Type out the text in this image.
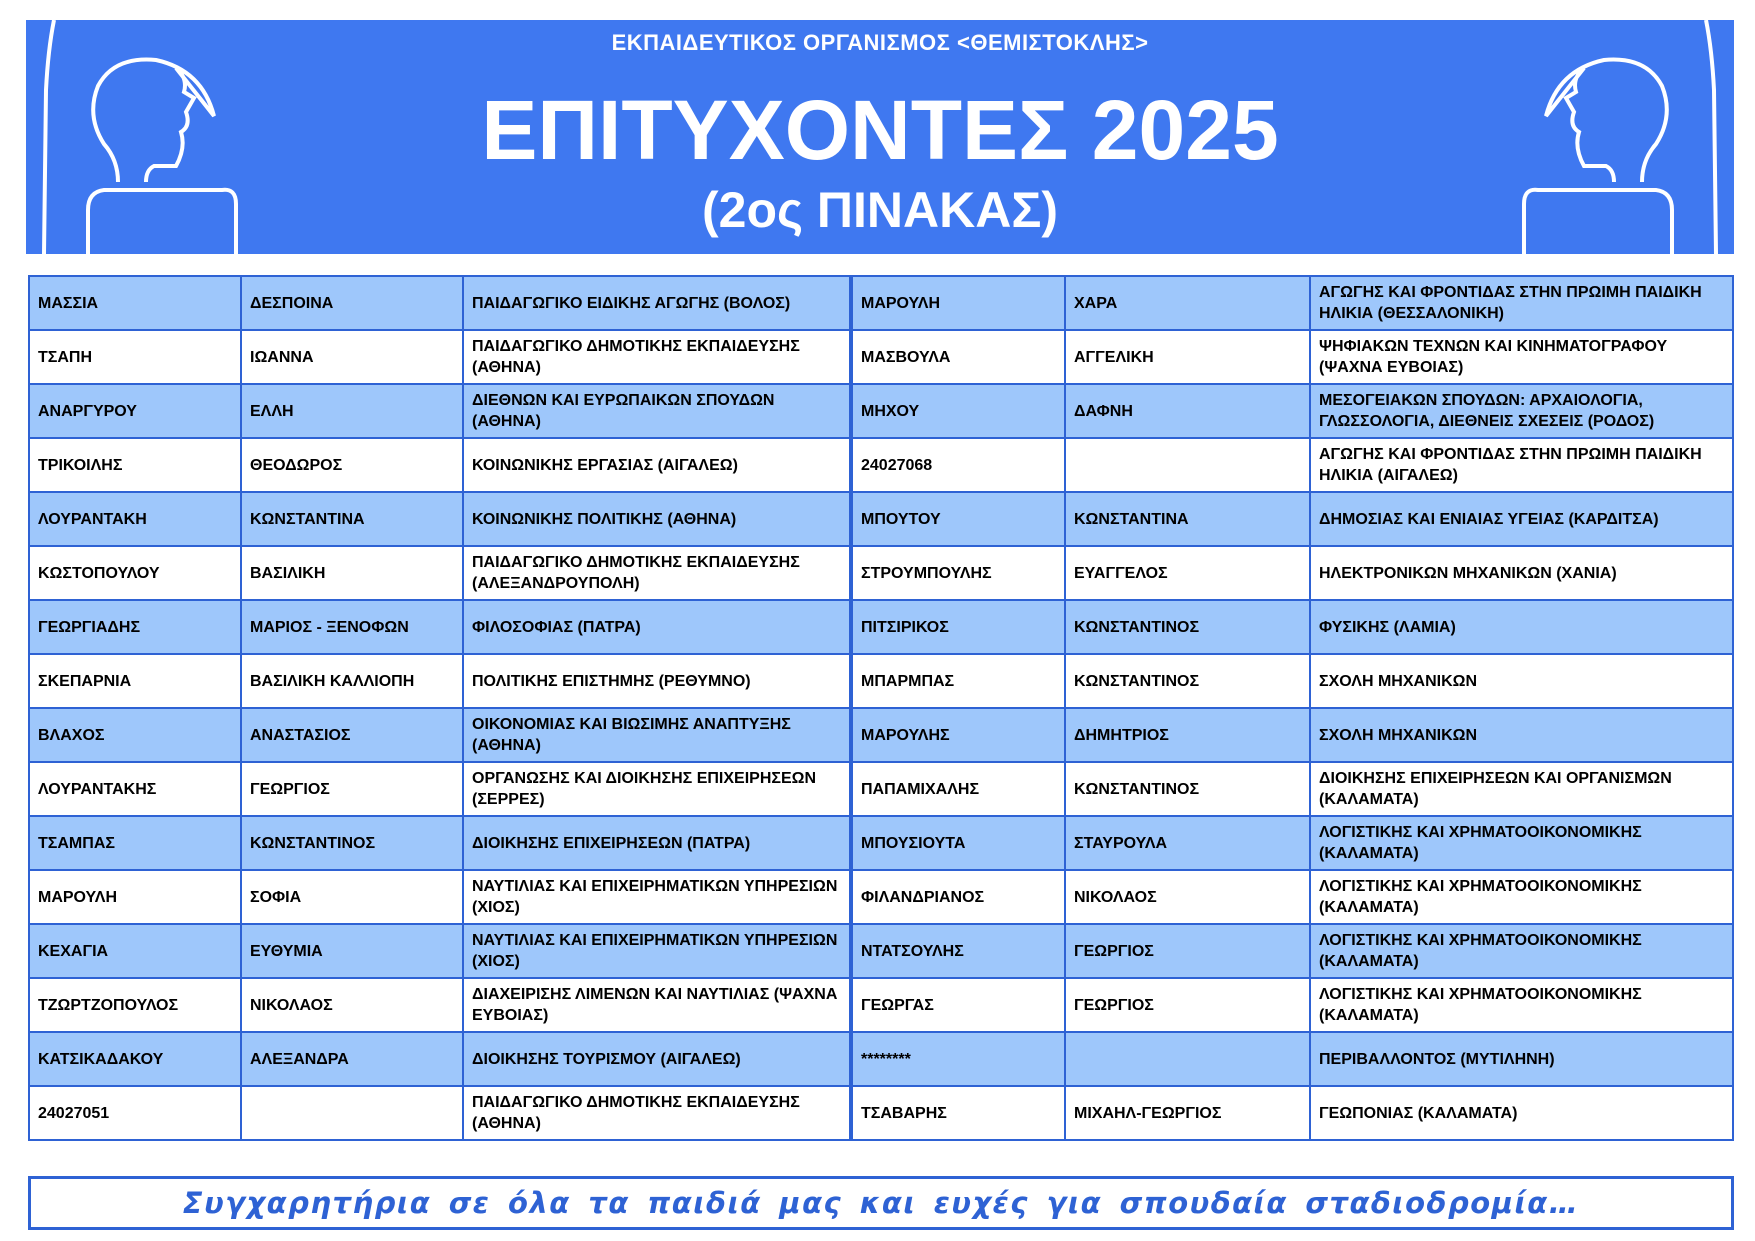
ΕΚΠΑΙΔΕΥΤΙΚΟΣ ΟΡΓΑΝΙΣΜΟΣ <ΘΕΜΙΣΤΟΚΛΗΣ>
ΕΠΙΤΥΧΟΝΤΕΣ 2025
(2ος ΠΙΝΑΚΑΣ)
ΜΑΣΣΙΑ	ΔΕΣΠΟΙΝΑ	ΠΑΙΔΑΓΩΓΙΚΟ ΕΙΔΙΚΗΣ ΑΓΩΓΗΣ (ΒΟΛΟΣ)	ΜΑΡΟΥΛΗ	ΧΑΡΑ	ΑΓΩΓΗΣ ΚΑΙ ΦΡΟΝΤΙΔΑΣ ΣΤΗΝ ΠΡΩΙΜΗ ΠΑΙΔΙΚΗ ΗΛΙΚΙΑ (ΘΕΣΣΑΛΟΝΙΚΗ)
ΤΣΑΠΗ	ΙΩΑΝΝΑ	ΠΑΙΔΑΓΩΓΙΚΟ ΔΗΜΟΤΙΚΗΣ ΕΚΠΑΙΔΕΥΣΗΣ (ΑΘΗΝΑ)	ΜΑΣΒΟΥΛΑ	ΑΓΓΕΛΙΚΗ	ΨΗΦΙΑΚΩΝ ΤΕΧΝΩΝ ΚΑΙ ΚΙΝΗΜΑΤΟΓΡΑΦΟΥ (ΨΑΧΝΑ ΕΥΒΟΙΑΣ)
ΑΝΑΡΓΥΡΟΥ	ΕΛΛΗ	ΔΙΕΘΝΩΝ ΚΑΙ ΕΥΡΩΠΑΙΚΩΝ ΣΠΟΥΔΩΝ (ΑΘΗΝΑ)	ΜΗΧΟΥ	ΔΑΦΝΗ	ΜΕΣΟΓΕΙΑΚΩΝ ΣΠΟΥΔΩΝ: ΑΡΧΑΙΟΛΟΓΙΑ, ΓΛΩΣΣΟΛΟΓΙΑ, ΔΙΕΘΝΕΙΣ ΣΧΕΣΕΙΣ (ΡΟΔΟΣ)
ΤΡΙΚΟΙΛΗΣ	ΘΕΟΔΩΡΟΣ	ΚΟΙΝΩΝΙΚΗΣ ΕΡΓΑΣΙΑΣ (ΑΙΓΑΛΕΩ)	24027068		ΑΓΩΓΗΣ ΚΑΙ ΦΡΟΝΤΙΔΑΣ ΣΤΗΝ ΠΡΩΙΜΗ ΠΑΙΔΙΚΗ ΗΛΙΚΙΑ (ΑΙΓΑΛΕΩ)
ΛΟΥΡΑΝΤΑΚΗ	ΚΩΝΣΤΑΝΤΙΝΑ	ΚΟΙΝΩΝΙΚΗΣ ΠΟΛΙΤΙΚΗΣ (ΑΘΗΝΑ)	ΜΠΟΥΤΟΥ	ΚΩΝΣΤΑΝΤΙΝΑ	ΔΗΜΟΣΙΑΣ ΚΑΙ ΕΝΙΑΙΑΣ ΥΓΕΙΑΣ (ΚΑΡΔΙΤΣΑ)
ΚΩΣΤΟΠΟΥΛΟΥ	ΒΑΣΙΛΙΚΗ	ΠΑΙΔΑΓΩΓΙΚΟ ΔΗΜΟΤΙΚΗΣ ΕΚΠΑΙΔΕΥΣΗΣ (ΑΛΕΞΑΝΔΡΟΥΠΟΛΗ)	ΣΤΡΟΥΜΠΟΥΛΗΣ	ΕΥΑΓΓΕΛΟΣ	ΗΛΕΚΤΡΟΝΙΚΩΝ ΜΗΧΑΝΙΚΩΝ (ΧΑΝΙΑ)
ΓΕΩΡΓΙΑΔΗΣ	ΜΑΡΙΟΣ - ΞΕΝΟΦΩΝ	ΦΙΛΟΣΟΦΙΑΣ (ΠΑΤΡΑ)	ΠΙΤΣΙΡΙΚΟΣ	ΚΩΝΣΤΑΝΤΙΝΟΣ	ΦΥΣΙΚΗΣ (ΛΑΜΙΑ)
ΣΚΕΠΑΡΝΙΑ	ΒΑΣΙΛΙΚΗ ΚΑΛΛΙΟΠΗ	ΠΟΛΙΤΙΚΗΣ ΕΠΙΣΤΗΜΗΣ (ΡΕΘΥΜΝΟ)	ΜΠΑΡΜΠΑΣ	ΚΩΝΣΤΑΝΤΙΝΟΣ	ΣΧΟΛΗ ΜΗΧΑΝΙΚΩΝ
ΒΛΑΧΟΣ	ΑΝΑΣΤΑΣΙΟΣ	ΟΙΚΟΝΟΜΙΑΣ ΚΑΙ ΒΙΩΣΙΜΗΣ ΑΝΑΠΤΥΞΗΣ (ΑΘΗΝΑ)	ΜΑΡΟΥΛΗΣ	ΔΗΜΗΤΡΙΟΣ	ΣΧΟΛΗ ΜΗΧΑΝΙΚΩΝ
ΛΟΥΡΑΝΤΑΚΗΣ	ΓΕΩΡΓΙΟΣ	ΟΡΓΑΝΩΣΗΣ ΚΑΙ ΔΙΟΙΚΗΣΗΣ ΕΠΙΧΕΙΡΗΣΕΩΝ (ΣΕΡΡΕΣ)	ΠΑΠΑΜΙΧΑΛΗΣ	ΚΩΝΣΤΑΝΤΙΝΟΣ	ΔΙΟΙΚΗΣΗΣ ΕΠΙΧΕΙΡΗΣΕΩΝ ΚΑΙ ΟΡΓΑΝΙΣΜΩΝ (ΚΑΛΑΜΑΤΑ)
ΤΣΑΜΠΑΣ	ΚΩΝΣΤΑΝΤΙΝΟΣ	ΔΙΟΙΚΗΣΗΣ ΕΠΙΧΕΙΡΗΣΕΩΝ (ΠΑΤΡΑ)	ΜΠΟΥΣΙΟΥΤΑ	ΣΤΑΥΡΟΥΛΑ	ΛΟΓΙΣΤΙΚΗΣ ΚΑΙ ΧΡΗΜΑΤΟΟΙΚΟΝΟΜΙΚΗΣ (ΚΑΛΑΜΑΤΑ)
ΜΑΡΟΥΛΗ	ΣΟΦΙΑ	ΝΑΥΤΙΛΙΑΣ ΚΑΙ ΕΠΙΧΕΙΡΗΜΑΤΙΚΩΝ ΥΠΗΡΕΣΙΩΝ (ΧΙΟΣ)	ΦΙΛΑΝΔΡΙΑΝΟΣ	ΝΙΚΟΛΑΟΣ	ΛΟΓΙΣΤΙΚΗΣ ΚΑΙ ΧΡΗΜΑΤΟΟΙΚΟΝΟΜΙΚΗΣ (ΚΑΛΑΜΑΤΑ)
ΚΕΧΑΓΙΑ	ΕΥΘΥΜΙΑ	ΝΑΥΤΙΛΙΑΣ ΚΑΙ ΕΠΙΧΕΙΡΗΜΑΤΙΚΩΝ ΥΠΗΡΕΣΙΩΝ (ΧΙΟΣ)	ΝΤΑΤΣΟΥΛΗΣ	ΓΕΩΡΓΙΟΣ	ΛΟΓΙΣΤΙΚΗΣ ΚΑΙ ΧΡΗΜΑΤΟΟΙΚΟΝΟΜΙΚΗΣ (ΚΑΛΑΜΑΤΑ)
ΤΖΩΡΤΖΟΠΟΥΛΟΣ	ΝΙΚΟΛΑΟΣ	ΔΙΑΧΕΙΡΙΣΗΣ ΛΙΜΕΝΩΝ ΚΑΙ ΝΑΥΤΙΛΙΑΣ (ΨΑΧΝΑ ΕΥΒΟΙΑΣ)	ΓΕΩΡΓΑΣ	ΓΕΩΡΓΙΟΣ	ΛΟΓΙΣΤΙΚΗΣ ΚΑΙ ΧΡΗΜΑΤΟΟΙΚΟΝΟΜΙΚΗΣ (ΚΑΛΑΜΑΤΑ)
ΚΑΤΣΙΚΑΔΑΚΟΥ	ΑΛΕΞΑΝΔΡΑ	ΔΙΟΙΚΗΣΗΣ ΤΟΥΡΙΣΜΟΥ (ΑΙΓΑΛΕΩ)	********		ΠΕΡΙΒΑΛΛΟΝΤΟΣ (ΜΥΤΙΛΗΝΗ)
24027051		ΠΑΙΔΑΓΩΓΙΚΟ ΔΗΜΟΤΙΚΗΣ ΕΚΠΑΙΔΕΥΣΗΣ (ΑΘΗΝΑ)	ΤΣΑΒΑΡΗΣ	ΜΙΧΑΗΛ-ΓΕΩΡΓΙΟΣ	ΓΕΩΠΟΝΙΑΣ (ΚΑΛΑΜΑΤΑ)
Συγχαρητήρια σε όλα τα παιδιά μας και ευχές για σπουδαία σταδιοδρομία…
